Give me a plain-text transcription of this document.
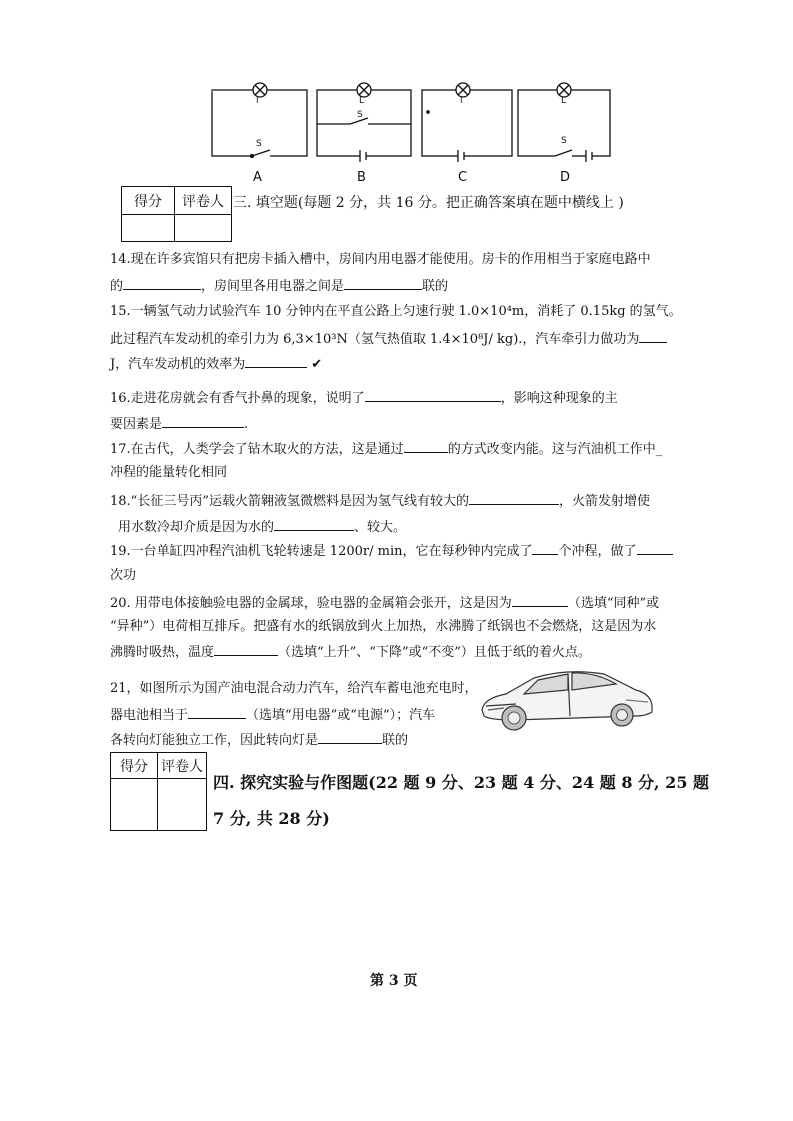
l	L	l	L
S
S
S
A	B	C	D
得分	评卷人
	三. 填空题(每题 2 分，共 16 分。把正确答案填在题中横线上 )
14.现在许多宾馆只有把房卡插入槽中，房间内用电器才能使用。房卡的作用相当于家庭电路中
的	，房间里各用电器之间是	联的
15.一辆氢气动力试验汽车 10 分钟内在平直公路上匀速行驶 1.0×10⁴m，消耗了 0.15kg 的氢气。
此过程汽车发动机的牵引力为 6,3×10³N（氢气热值取 1.4×10⁸J/ kg).，汽车牵引力做功为
J，汽车发动机的效率为	✔
16.走进花房就会有香气扑鼻的现象，说明了	，影响这种现象的主
要因素是	.
17.在古代，人类学会了钻木取火的方法，这是通过	的方式改变内能。这与汽油机工作中_
冲程的能量转化相同
18.“长征三号丙”运载火箭翱液氢微燃料是因为氢气线有较大的	，火箭发射增使
用水数冷却介质是因为水的	、较大。
19.一台单缸四冲程汽油机飞轮转速是 1200r/ min，它在每秒钟内完成了 个冲程，做了
次功
20. 用带电体接触验电器的金属球，验电器的金属箱会张开，这是因为	（选填“同种”或
“异种”）电荷相互排斥。把盛有水的纸锅放到火上加热，水沸腾了纸锅也不会燃烧，这是因为水
沸腾时吸热，温度	（选填“上升”、“下降”或“不变”）且低于纸的着火点。
21，如图所示为国产油电混合动力汽车，给汽车蓄电池充电时，
器电池相当于	（选填“用电器”或“电源”）；汽车
各转向灯能独立工作，因此转向灯是	联的
得分	评卷人

四. 探究实验与作图题(22 题 9 分、23 题 4 分、24 题 8 分, 25 题
7 分, 共 28 分)
第 3 页
